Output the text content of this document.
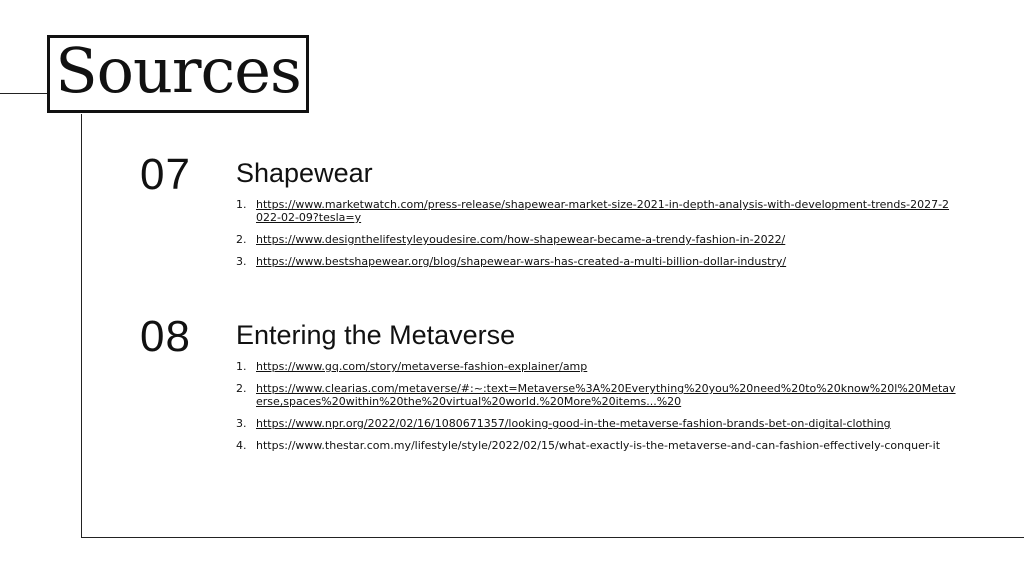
Sources
07 Shapewear
1. https://www.marketwatch.com/press-release/shapewear-market-size-2021-in-depth-analysis-with-development-trends-2027-2022-02-09?tesla=y
2. https://www.designthelifestyleyoudesire.com/how-shapewear-became-a-trendy-fashion-in-2022/
3. https://www.bestshapewear.org/blog/shapewear-wars-has-created-a-multi-billion-dollar-industry/
08 Entering the Metaverse
1. https://www.gq.com/story/metaverse-fashion-explainer/amp
2. https://www.clearias.com/metaverse/#:~:text=Metaverse%3A%20Everything%20you%20need%20to%20know%20l%20Metaverse,spaces%20within%20the%20virtual%20world.%20More%20items...%20
3. https://www.npr.org/2022/02/16/1080671357/looking-good-in-the-metaverse-fashion-brands-bet-on-digital-clothing
4. https://www.thestar.com.my/lifestyle/style/2022/02/15/what-exactly-is-the-metaverse-and-can-fashion-effectively-conquer-it
